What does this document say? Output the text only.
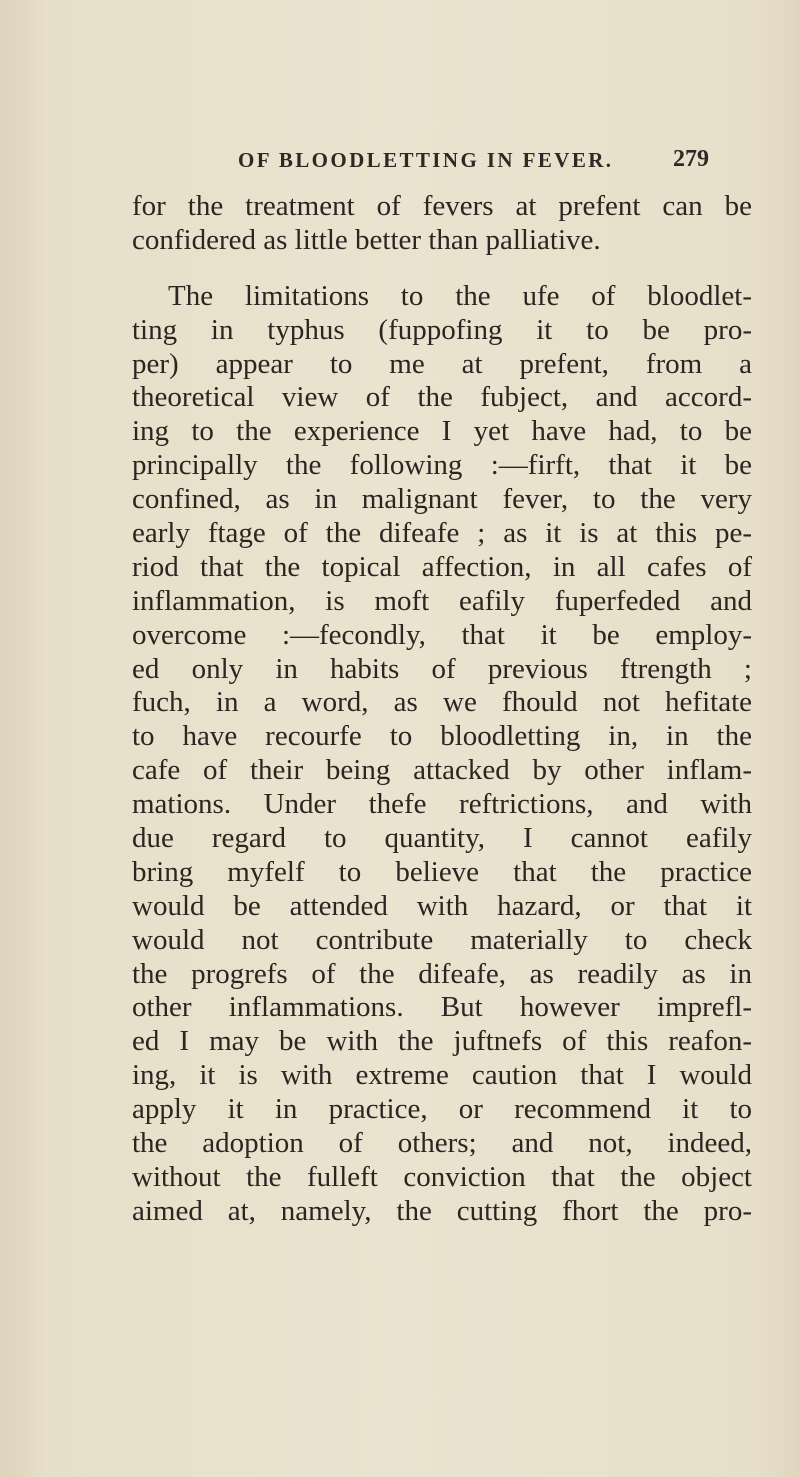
OF BLOODLETTING IN FEVER. 279
for the treatment of fevers at prefent can be
confidered as little better than palliative.
The limitations to the ufe of bloodlet-
ting in typhus (fuppofing it to be pro-
per) appear to me at prefent, from a
theoretical view of the fubject, and accord-
ing to the experience I yet have had, to be
principally the following :—firft, that it be
confined, as in malignant fever, to the very
early ftage of the difeafe ; as it is at this pe-
riod that the topical affection, in all cafes of
inflammation, is moft eafily fuperfeded and
overcome :—fecondly, that it be employ-
ed only in habits of previous ftrength ;
fuch, in a word, as we fhould not hefitate
to have recourfe to bloodletting in, in the
cafe of their being attacked by other inflam-
mations. Under thefe reftrictions, and with
due regard to quantity, I cannot eafily
bring myfelf to believe that the practice
would be attended with hazard, or that it
would not contribute materially to check
the progrefs of the difeafe, as readily as in
other inflammations. But however imprefl-
ed I may be with the juftnefs of this reafon-
ing, it is with extreme caution that I would
apply it in practice, or recommend it to
the adoption of others; and not, indeed,
without the fulleft conviction that the object
aimed at, namely, the cutting fhort the pro-
